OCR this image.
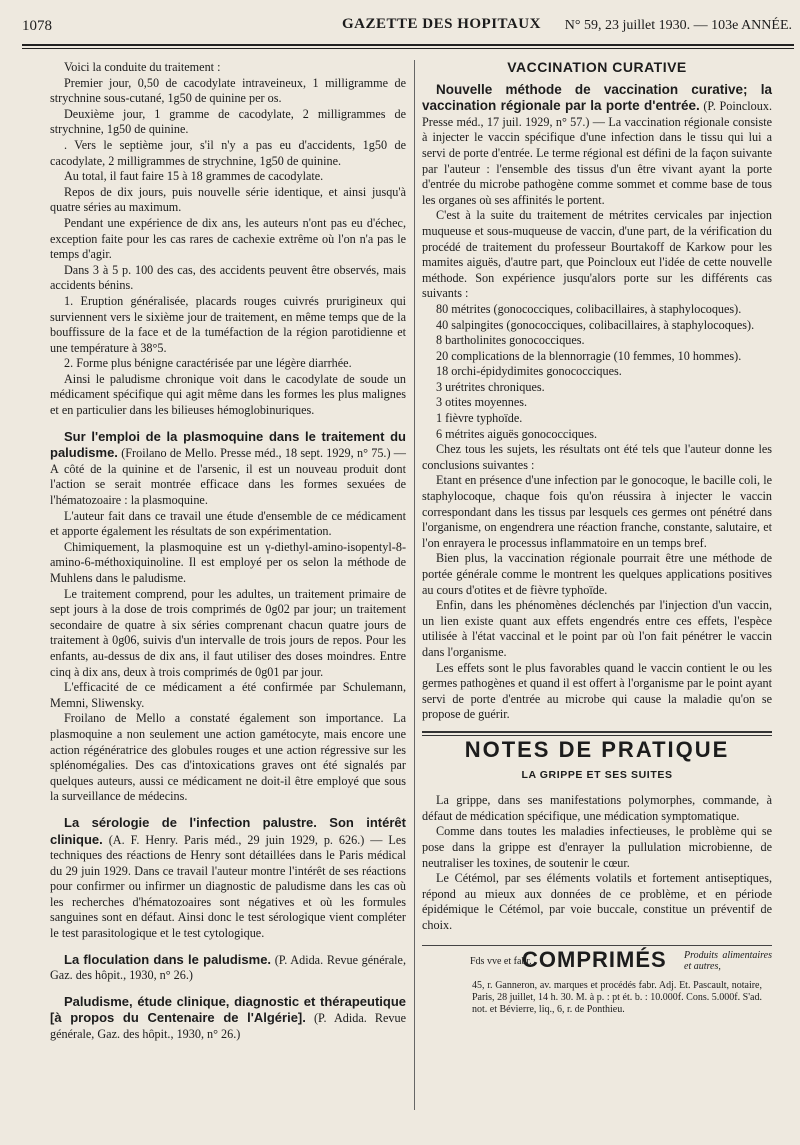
1078	GAZETTE DES HOPITAUX N° 59, 23 juillet 1930. — 103e ANNÉE.

Voici la conduite du traitement :

Premier jour, 0,50 de cacodylate intraveineux, 1 milligramme de strychnine sous-cutané, 1g50 de quinine per os.

Deuxième jour, 1 gramme de cacodylate, 2 milligrammes de strychnine, 1g50 de quinine.

. Vers le septième jour, s'il n'y a pas eu d'accidents, 1g50 de cacodylate, 2 milligrammes de strychnine, 1g50 de quinine.

Au total, il faut faire 15 à 18 grammes de cacodylate.

Repos de dix jours, puis nouvelle série identique, et ainsi jusqu'à quatre séries au maximum.

Pendant une expérience de dix ans, les auteurs n'ont pas eu d'échec, exception faite pour les cas rares de cachexie extrême où l'on n'a pas le temps d'agir.

Dans 3 à 5 p. 100 des cas, des accidents peuvent être observés, mais accidents bénins.

1. Eruption généralisée, placards rouges cuivrés prurigineux qui surviennent vers le sixième jour de traitement, en même temps que de la bouffissure de la face et de la tuméfaction de la région parotidienne et une température à 38°5.

2. Forme plus bénigne caractérisée par une légère diarrhée.

Ainsi le paludisme chronique voit dans le cacodylate de soude un médicament spécifique qui agit même dans les formes les plus malignes et en particulier dans les bilieuses hémoglobinuriques.

Sur l'emploi de la plasmoquine dans le traitement du paludisme. (Froilano de Mello. Presse méd., 18 sept. 1929, n° 75.) — A côté de la quinine et de l'arsenic, il est un nouveau produit dont l'action se serait montrée efficace dans les formes sexuées de l'hématozoaire : la plasmoquine.

L'auteur fait dans ce travail une étude d'ensemble de ce médicament et apporte également les résultats de son expérimentation.

Chimiquement, la plasmoquine est un γ-diethyl-amino-isopentyl-8-amino-6-méthoxiquinoline. Il est employé per os selon la méthode de Muhlens dans le paludisme.

Le traitement comprend, pour les adultes, un traitement primaire de sept jours à la dose de trois comprimés de 0g02 par jour; un traitement secondaire de quatre à six séries comprenant chacun quatre jours de traitement à 0g06, suivis d'un intervalle de trois jours de repos. Pour les enfants, au-dessus de dix ans, il faut utiliser des doses moindres. Entre cinq à dix ans, deux à trois comprimés de 0g01 par jour.

L'efficacité de ce médicament a été confirmée par Schulemann, Memni, Sliwensky.

Froilano de Mello a constaté également son importance. La plasmoquine a non seulement une action gamétocyte, mais encore une action régénératrice des globules rouges et une action régressive sur les splénomégalies. Des cas d'intoxications graves ont été signalés par quelques auteurs, aussi ce médicament ne doit-il être employé que sous la surveillance de médecins.

La sérologie de l'infection palustre. Son intérêt clinique. (A. F. Henry. Paris méd., 29 juin 1929, p. 626.) — Les techniques des réactions de Henry sont détaillées dans le Paris médical du 29 juin 1929. Dans ce travail l'auteur montre l'intérêt de ses réactions pour confirmer ou infirmer un diagnostic de paludisme dans les cas où les recherches d'hématozoaires sont négatives et où les formules sanguines sont en défaut. Ainsi donc le test sérologique vient compléter le test parasitologique et le test cytologique.

La floculation dans le paludisme. (P. Adida. Revue générale, Gaz. des hôpit., 1930, n° 26.)

Paludisme, étude clinique, diagnostic et thérapeutique [à propos du Centenaire de l'Algérie]. (P. Adida. Revue générale, Gaz. des hôpit., 1930, n° 26.)

VACCINATION CURATIVE

Nouvelle méthode de vaccination curative; la vaccination régionale par la porte d'entrée. (P. Poincloux. Presse méd., 17 juil. 1929, n° 57.) — La vaccination régionale consiste à injecter le vaccin spécifique d'une infection dans le tissu qui lui a servi de porte d'entrée. Le terme régional est défini de la façon suivante par l'auteur : l'ensemble des tissus d'un être vivant ayant la porte d'entrée du microbe pathogène comme sommet et comme base de tous les organes où ses affinités le portent.

C'est à la suite du traitement de métrites cervicales par injection muqueuse et sous-muqueuse de vaccin, d'une part, de la vérification du procédé de traitement du professeur Bourtakoff de Karkow pour les mamites aiguës, d'autre part, que Poincloux eut l'idée de cette nouvelle méthode. Son expérience jusqu'alors porte sur les différents cas suivants :

80 métrites (gonococciques, colibacillaires, à staphylocoques).

40 salpingites (gonococciques, colibacillaires, à staphylocoques).

8 bartholinites gonococciques.

20 complications de la blennorragie (10 femmes, 10 hommes).

18 orchi-épidydimites gonococciques.

3 urétrites chroniques.

3 otites moyennes.

1 fièvre typhoïde.

6 métrites aiguës gonococciques.

Chez tous les sujets, les résultats ont été tels que l'auteur donne les conclusions suivantes :

Etant en présence d'une infection par le gonocoque, le bacille coli, le staphylocoque, chaque fois qu'on réussira à injecter le vaccin correspondant dans les tissus par lesquels ces germes ont pénétré dans l'organisme, on engendrera une réaction franche, constante, salutaire, et l'on enrayera le processus inflammatoire en un temps bref.

Bien plus, la vaccination régionale pourrait être une méthode de portée générale comme le montrent les quelques applications positives au cours d'otites et de fièvre typhoïde.

Enfin, dans les phénomènes déclenchés par l'injection d'un vaccin, un lien existe quant aux effets engendrés entre ces effets, l'espèce utilisée à l'état vaccinal et le point par où l'on fait pénétrer le vaccin dans l'organisme.

Les effets sont le plus favorables quand le vaccin contient le ou les germes pathogènes et quand il est offert à l'organisme par le point ayant servi de porte d'entrée au microbe qui cause la maladie qu'on se propose de guérir.

NOTES DE PRATIQUE
LA GRIPPE ET SES SUITES

La grippe, dans ses manifestations polymorphes, commande, à défaut de médication spécifique, une médication symptomatique.

Comme dans toutes les maladies infectieuses, le problème qui se pose dans la grippe est d'enrayer la pullulation microbienne, de neutraliser les toxines, de soutenir le cœur.

Le Cétémol, par ses éléments volatils et fortement antiseptiques, répond au mieux aux données de ce problème, et en période épidémique le Cétémol, par voie buccale, constitue un préventif de choix.

Fds vve et fabr.
COMPRIMÉS Produits alimentaires et autres,
45, r. Ganneron, av. marques et procédés fabr. Adj. Et. Pascault, notaire, Paris, 28 juillet, 14 h. 30. M. à p. : pt ét. b. : 10.000f. Cons. 5.000f. S'ad. not. et Bévierre, liq., 6, r. de Ponthieu.
